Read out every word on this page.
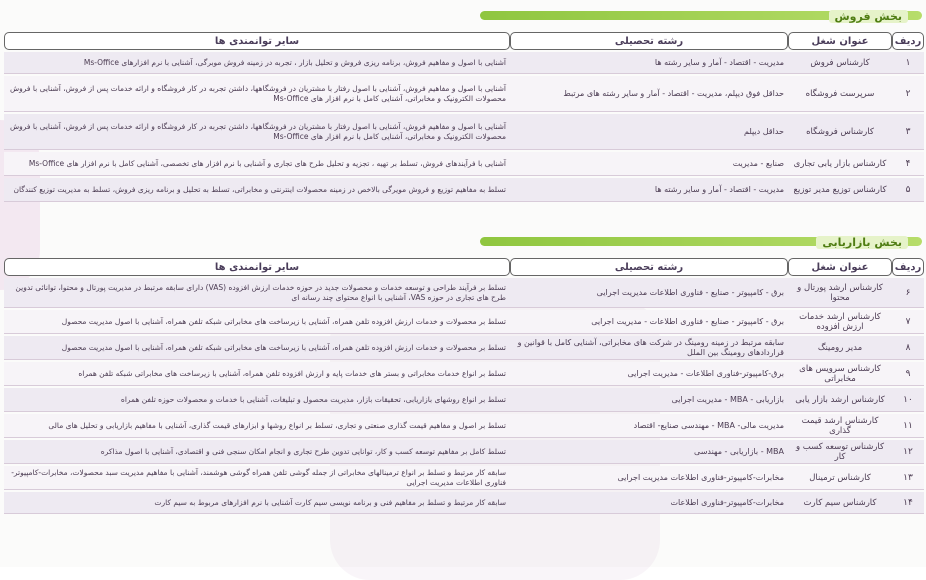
بخش فروش
ردیف	عنوان شغل	رشته تحصیلی	سایر توانمندی ها
۱	کارشناس فروش	مدیریت - اقتصاد - آمار و سایر رشته ها	آشنایی با اصول و مفاهیم فروش، برنامه ریزی فروش و تحلیل بازار ، تجربه در زمینه فروش موبرگی، آشنایی با نرم افزارهای Ms-Office
۲	سرپرست فروشگاه	حداقل فوق دیپلم، مدیریت - اقتصاد - آمار و سایر رشته های مرتبط	آشنایی با اصول و مفاهیم فروش، آشنایی با اصول رفتار با مشتریان در فروشگاهها، داشتن تجربه در کار فروشگاه و ارائه خدمات پس از فروش، آشنایی با فروش محصولات الکترونیک و مخابراتی، آشنایی کامل با نرم افزار های Ms-Office
۳	کارشناس فروشگاه	حداقل دیپلم	آشنایی با اصول و مفاهیم فروش، آشنایی با اصول رفتار با مشتریان در فروشگاهها، داشتن تجربه در کار فروشگاه و ارائه خدمات پس از فروش، آشنایی با فروش محصولات الکترونیک و مخابراتی، آشنایی کامل با نرم افزار های Ms-Office
۴	کارشناس بازار یابی تجاری	صنایع - مدیریت	آشنایی با فرآیندهای فروش، تسلط بر تهیه ، تجزیه و تحلیل طرح های تجاری و آشنایی با نرم افزار های تخصصی، آشنایی کامل با نرم افزار های Ms-Office
۵	کارشناس توزیع مدیر توزیع	مدیریت - اقتصاد - آمار و سایر رشته ها	تسلط به مفاهیم توزیع و فروش مویرگی بالاخص در زمینه محصولات اینترنتی و مخابراتی، تسلط به تحلیل و برنامه ریزی فروش، تسلط به مدیریت توزیع کنندگان
بخش بازاریابی
ردیف	عنوان شغل	رشته تحصیلی	سایر توانمندی ها
۶	کارشناس ارشد پورتال و محتوا	برق - کامپیوتر - صنایع - فناوری اطلاعات مدیریت اجرایی	تسلط بر فرآیند طراحی و توسعه خدمات و محصولات جدید در حوزه خدمات ارزش افزوده (VAS) دارای سابقه مرتبط در مدیریت پورتال و محتوا، توانائی تدوین طرح های تجاری در حوزه VAS، آشنایی با انواع محتوای چند رسانه ای
۷	کارشناس ارشد خدمات ارزش افزوده	برق - کامپیوتر - صنایع - فناوری اطلاعات - مدیریت اجرایی	تسلط بر محصولات و خدمات ارزش افزوده تلفن همراه، آشنایی با زیرساخت های مخابراتی شبکه تلفن همراه، آشنایی با اصول مدیریت محصول
۸	مدیر رومینگ	سابقه مرتبط در زمینه رومینگ در شرکت های مخابراتی، آشنایی کامل با قوانین و قراردادهای رومینگ بین الملل	تسلط بر محصولات و خدمات ارزش افزوده تلفن همراه، آشنایی با زیرساخت های مخابراتی شبکه تلفن همراه، آشنایی با اصول مدیریت محصول
۹	کارشناس سرویس های مخابراتی	برق-کامپیوتر-فناوری اطلاعات - مدیریت اجرایی	تسلط بر انواع خدمات مخابراتی و بستر های خدمات پایه و ارزش افزوده تلفن همراه، آشنایی با زیرساخت های مخابراتی شبکه تلفن همراه
۱۰	کارشناس ارشد بازار یابی	بازاریابی - MBA - مدیریت اجرایی	تسلط بر انواع روشهای بازاریابی، تحقیقات بازار، مدیریت محصول و تبلیغات، آشنایی با خدمات و محصولات حوزه تلفن همراه
۱۱	کارشناس ارشد قیمت گذاری	مدیریت مالی- MBA - مهندسی صنایع- اقتصاد	تسلط بر اصول و مفاهیم قیمت گذاری صنعتی و تجاری، تسلط بر انواع روشها و ابزارهای قیمت گذاری، آشنایی با مفاهیم بازاریابی و تحلیل های مالی
۱۲	کارشناس توسعه کسب و کار	MBA - بازاریابی - مهندسی	تسلط کامل بر مفاهیم توسعه کسب و کار، توانایی تدوین طرح تجاری و انجام امکان سنجی فنی و اقتصادی، آشنایی با اصول مذاکره
۱۳	کارشناس ترمینال	مخابرات-کامپیوتر-فناوری اطلاعات مدیریت اجرایی	سابقه کار مرتبط و تسلط بر انواع ترمینالهای مخابراتی از جمله گوشی تلفن همراه گوشی هوشمند، آشنایی با مفاهیم مدیریت سبد محصولات، مخابرات-کامپیوتر-فناوری اطلاعات مدیریت اجرایی
۱۴	کارشناس سیم کارت	مخابرات-کامپیوتر-فناوری اطلاعات	سابقه کار مرتبط و تسلط بر مفاهیم فنی و برنامه نویسی سیم کارت آشنایی با نرم افزارهای مربوط به سیم کارت
